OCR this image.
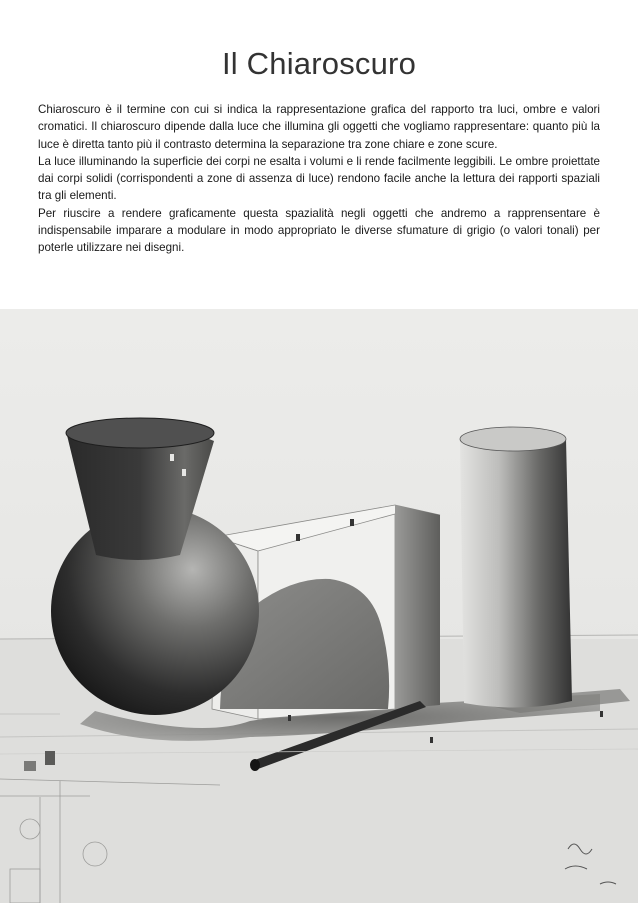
Il Chiaroscuro

Chiaroscuro è il termine con cui si indica la rappresentazione grafica del rapporto tra luci, ombre e valori cromatici. Il chiaroscuro dipende dalla luce che illumina gli oggetti che vogliamo rappresentare: quanto più la luce è diretta tanto più il contrasto determina la separazione tra zone chiare e zone scure.

La luce illuminando la superficie dei corpi ne esalta i volumi e li rende facilmente leggibili. Le ombre proiettate dai corpi solidi (corrispondenti a zone di assenza di luce) rendono facile anche la lettura dei rapporti spaziali tra gli elementi.

Per riuscire a rendere graficamente questa spazialità negli oggetti che andremo a rapprensentare è indispensabile imparare a modulare in modo appropriato le diverse sfumature di grigio (o valori tonali) per poterle utilizzare nei disegni.
